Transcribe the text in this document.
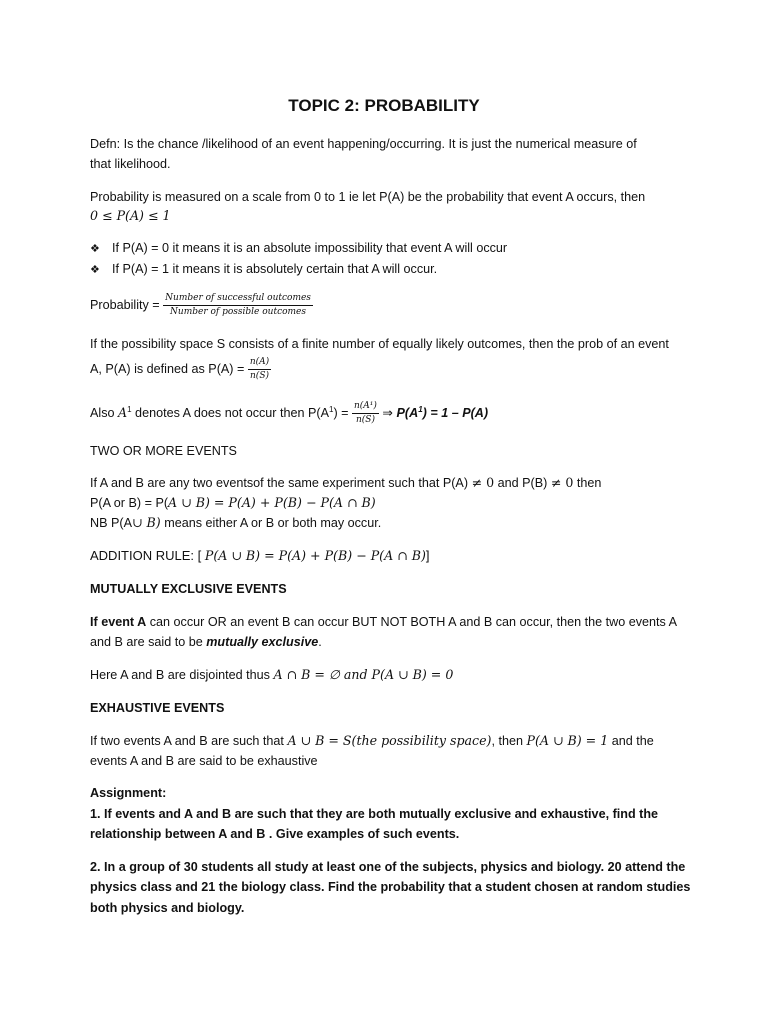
TOPIC 2: PROBABILITY
Defn: Is the chance /likelihood of an event happening/occurring. It is just the numerical measure of
that likelihood.
Probability is measured on a scale from 0 to 1 ie let P(A) be the probability that event A occurs, then
0 ≤ P(A) ≤ 1
❖ If P(A) = 0 it means it is an absolute impossibility that event A will occur
❖ If P(A) = 1 it means it is absolutely certain that A will occur.
Probability = $\frac{\text{Number of successful outcomes}}{\text{Number of possible outcomes}}$
If the possibility space S consists of a finite number of equally likely outcomes, then the prob of an event
A, P(A) is defined as $P(A) = \frac{n(A)}{n(S)}$
Also $A^1$ denotes A does not occur then $P(A^1) = \frac{\text{n(A¹)}}{n(S)}$ ⇒ $P(A^1) = 1 - P(A)$
TWO OR MORE EVENTS
If A and B are any two eventsof the same experiment such that P(A) ≠ 0 and P(B) ≠ 0 then
P(A or B) = P(A ∪ B) = P(A) + P(B) − P(A ∩ B)
NB P(A∪ B) means either A or B or both may occur.
ADDITION RULE: [ P(A ∪ B) = P(A) + P(B) − P(A ∩ B)]
MUTUALLY EXCLUSIVE EVENTS
If event A can occur OR an event B can occur BUT NOT BOTH A and B can occur, then the two events A
and B are said to be mutually exclusive.
Here A and B are disjointed thus A ∩ B = ∅ and P(A ∪ B) = 0
EXHAUSTIVE EVENTS
If two events A and B are such that A ∪ B = S(the possibility space), then P(A ∪ B) = 1 and the
events A and B are said to be exhaustive
Assignment:
1. If events and A and B are such that they are both mutually exclusive and exhaustive, find the
relationship between A and B . Give examples of such events.
2. In a group of 30 students all study at least one of the subjects, physics and biology. 20 attend the
physics class and 21 the biology class. Find the probability that a student chosen at random studies
both physics and biology.
